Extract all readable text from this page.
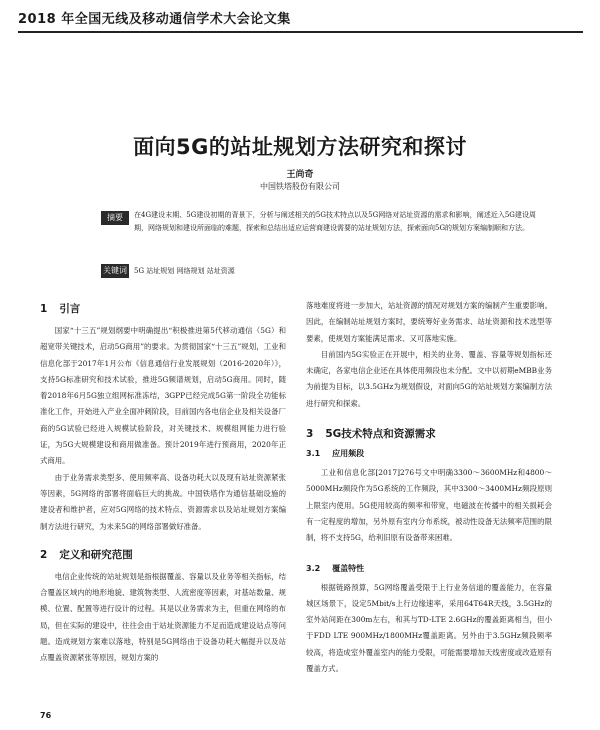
2018 年全国无线及移动通信学术大会论文集
面向5G的站址规划方法研究和探讨
王尚奇
中国铁塔股份有限公司
摘要	在4G建设末期、5G建设初期的背景下，分析与阐述相关的5G技术特点以及5G网络对站址资源的需求和影响，阐述近入5G建设周期，网络规划和建设所面临的难题，探索和总结出适应运营商建设需要的站址规划方法，探索面向5G的规划方案编制顺和方法。
关键词 5G 站址规划 网络规划 站址资源
1 引言

国家“十三五”规划纲要中明确提出“积极推进第5代移动通信（5G）和超宽带关键技术，启动5G商用”的要求。为贯彻国家“十三五”规划，工业和信息化部于2017年1月公布《信息通信行业发展规划（2016-2020年）》，支持5G标准研究和技术试验，推进5G频谱规划，启动5G商用。同时，随着2018年6月5G独立组网标准冻结，3GPP已经完成5G第一阶段全功能标准化工作，开始进入产业全面冲刺阶段，目前国内各电信企业及相关设备厂商的5G试验已经进入规模试验阶段，对关键技术、规模组网能力进行验证，为5G大规模建设和商用做准备。预计2019年进行预商用，2020年正式商用。

由于业务需求类型多、使用频率高、设备功耗大以及现有站址资源紧张等因素，5G网络的部署将面临巨大的挑战。中国铁塔作为通信基础设施的建设者和维护者，应对5G网络的技术特点、资源需求以及站址规划方案编制方法进行研究，为未来5G的网络部署做好准备。

2 定义和研究范围

电信企业传统的站址规划是指根据覆盖、容量以及业务等相关指标，结合覆盖区域内的地形地貌、建筑物类型、人流密度等因素，对基站数量、规模、位置、配置等进行设计的过程。其是以业务需求为主，但重在网络的布局，但在实际的建设中，往往会由于站址资源能力不足而造成建设站点等问题。造成规划方案难以落地，特别是5G网络由于设备功耗大幅提升以及站点覆盖资源紧张等原因，规划方案的

落地难度将进一步加大，站址资源的情况对规划方案的编制产生重要影响。因此，在编制站址规划方案时，要统筹好业务需求、站址资源和技术选型等要素，使规划方案能满足需求、又可落地实施。

目前国内5G实验正在开展中，相关的业务、覆盖、容量等规划指标还未确定，各家电信企业还在具体使用频段也未分配。文中以初期eMBB业务为前提为目标，以3.5GHz为规划假设，对面向5G的站址规划方案编制方法进行研究和探索。

3 5G技术特点和资源需求
3.1 应用频段

工业和信息化部[2017]276号文中明确3300～3600MHz和4800～5000MHz频段作为5G系统的工作频段，其中3300～3400MHz频段原则上限室内使用。5G使用较高的频率和带宽，电磁波在传播中的相关损耗会有一定程度的增加，另外原有室内分布系统，被动性设备无法频率范围的限制，将不支持5G，给利旧原有设备带来困难。

3.2 覆盖特性

根据链路预算，5G网络覆盖受限于上行业务信道的覆盖能力，在容量城区场景下，设定5Mbit/s上行边缘速率，采用64T64R天线，3.5GHz的室外站间距在300m左右，和其与TD-LTE 2.6GHz的覆盖距离相当，但小于FDD LTE 900MHz/1800MHz覆盖距离。另外由于3.5GHz频段频率较高，将造成室外覆盖室内的能力受限，可能需要增加天线密度或改造原有覆盖方式。

76
